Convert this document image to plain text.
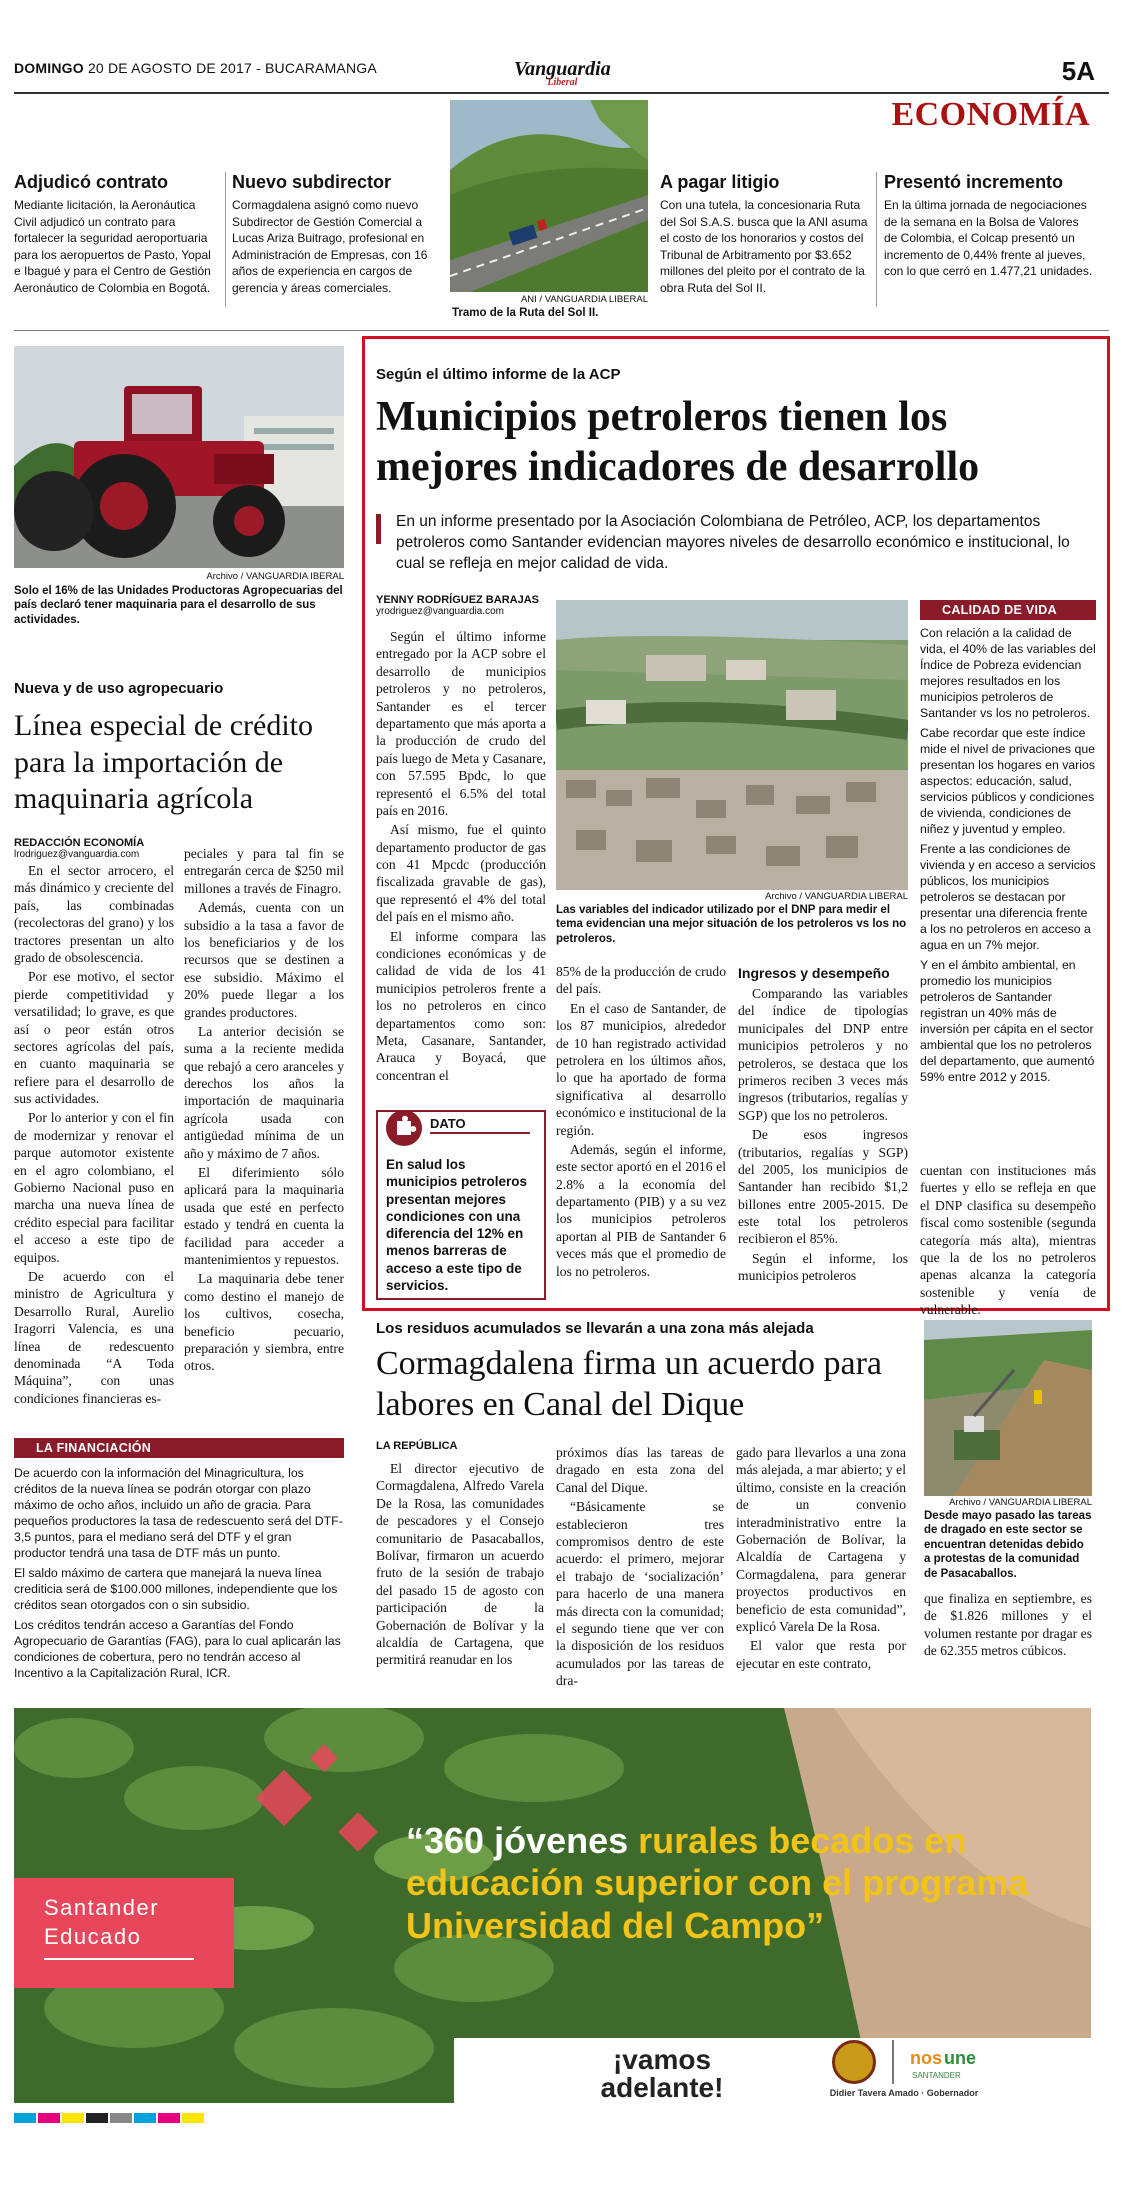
DOMINGO 20 DE AGOSTO DE 2017 - BUCARAMANGA	Vanguardia
Liberal	5A
ECONOMÍA
Adjudicó contrato

Mediante licitación, la Aeronáutica Civil adjudicó un contrato para fortalecer la seguridad aeroportuaria para los aeropuertos de Pasto, Yopal e Ibagué y para el Centro de Gestión Aeronáutico de Colombia en Bogotá.

Nuevo subdirector

Cormagdalena asignó como nuevo Subdirector de Gestión Comercial a Lucas Ariza Buitrago, profesional en Administración de Empresas, con 16 años de experiencia en cargos de gerencia y áreas comerciales.

ANI / VANGUARDIA LIBERAL
Tramo de la Ruta del Sol II.
A pagar litigio

Con una tutela, la concesionaria Ruta del Sol S.A.S. busca que la ANI asuma el costo de los honorarios y costos del Tribunal de Arbitramento por $3.652 millones del pleito por el contrato de la obra Ruta del Sol II.

Presentó incremento

En la última jornada de negociaciones de la semana en la Bolsa de Valores de Colombia, el Colcap presentó un incremento de 0,44% frente al jueves, con lo que cerró en 1.477,21 unidades.

Archivo / VANGUARDIA IBERAL
Solo el 16% de las Unidades Productoras Agropecuarias del país declaró tener maquinaria para el desarrollo de sus actividades.
Nueva y de uso agropecuario
Línea especial de crédito para la importación de maquinaria agrícola
REDACCIÓN ECONOMÍA
lrodriguez@vanguardia.com

En el sector arrocero, el más dinámico y creciente del país, las combinadas (recolectoras del grano) y los tractores presentan un alto grado de obsolescencia.

Por ese motivo, el sector pierde competitividad y versatilidad; lo grave, es que así o peor están otros sectores agrícolas del país, en cuanto maquinaria se refiere para el desarrollo de sus actividades.

Por lo anterior y con el fin de modernizar y renovar el parque automotor existente en el agro colombiano, el Gobierno Nacional puso en marcha una nueva línea de crédito especial para facilitar el acceso a este tipo de equipos.

De acuerdo con el ministro de Agricultura y Desarrollo Rural, Aurelio Iragorri Valencia, es una línea de redescuento denominada “A Toda Máquina”, con unas condiciones financieras es-

peciales y para tal fin se entregarán cerca de $250 mil millones a través de Finagro.

Además, cuenta con un subsidio a la tasa a favor de los beneficiarios y de los recursos que se destinen a ese subsidio. Máximo el 20% puede llegar a los grandes productores.

La anterior decisión se suma a la reciente medida que rebajó a cero aranceles y derechos los años la importación de maquinaria agrícola usada con antigüedad mínima de un año y máximo de 7 años.

El diferimiento sólo aplicará para la maquinaria usada que esté en perfecto estado y tendrá en cuenta la facilidad para acceder a mantenimientos y repuestos.

La maquinaria debe tener como destino el manejo de los cultivos, cosecha, beneficio pecuario, preparación y siembra, entre otros.

LA FINANCIACIÓN

De acuerdo con la información del Minagricultura, los créditos de la nueva línea se podrán otorgar con plazo máximo de ocho años, incluido un año de gracia. Para pequeños productores la tasa de redescuento será del DTF-3,5 puntos, para el mediano será del DTF y el gran productor tendrá una tasa de DTF más un punto.

El saldo máximo de cartera que manejará la nueva línea crediticia será de $100.000 millones, independiente que los créditos sean otorgados con o sin subsidio.

Los créditos tendrán acceso a Garantías del Fondo Agropecuario de Garantías (FAG), para lo cual aplicarán las condiciones de cobertura, pero no tendrán acceso al Incentivo a la Capitalización Rural, ICR.

Según el último informe de la ACP
Municipios petroleros tienen los mejores indicadores de desarrollo
En un informe presentado por la Asociación Colombiana de Petróleo, ACP, los departamentos petroleros como Santander evidencian mayores niveles de desarrollo económico e institucional, lo cual se refleja en mejor calidad de vida.
YENNY RODRÍGUEZ BARAJAS
yrodriguez@vanguardia.com

Según el último informe entregado por la ACP sobre el desarrollo de municipios petroleros y no petroleros, Santander es el tercer departamento que más aporta a la producción de crudo del país luego de Meta y Casanare, con 57.595 Bpdc, lo que representó el 6.5% del total país en 2016.

Así mismo, fue el quinto departamento productor de gas con 41 Mpcdc (producción fiscalizada gravable de gas), que representó el 4% del total del país en el mismo año.

El informe compara las condiciones económicas y de calidad de vida de los 41 municipios petroleros frente a los no petroleros en cinco departamentos como son: Meta, Casanare, Santander, Arauca y Boyacá, que concentran el

DATO
En salud los municipios petroleros presentan mejores condiciones con una diferencia del 12% en menos barreras de acceso a este tipo de servicios.
Archivo / VANGUARDIA LIBERAL
Las variables del indicador utilizado por el DNP para medir el tema evidencian una mejor situación de los petroleros vs los no petroleros.

85% de la producción de crudo del país.

En el caso de Santander, de los 87 municipios, alrededor de 10 han registrado actividad petrolera en los últimos años, lo que ha aportado de forma significativa al desarrollo económico e institucional de la región.

Además, según el informe, este sector aportó en el 2016 el 2.8% a la economía del departamento (PIB) y a su vez los municipios petroleros aportan al PIB de Santander 6 veces más que el promedio de los no petroleros.

Ingresos y desempeño

Comparando las variables del índice de tipologías municipales del DNP entre municipios petroleros y no petroleros, se destaca que los primeros reciben 3 veces más ingresos (tributarios, regalías y SGP) que los no petroleros.

De esos ingresos (tributarios, regalías y SGP) del 2005, los municipios de Santander han recibido $1,2 billones entre 2005-2015. De este total los petroleros recibieron el 85%.

Según el informe, los municipios petroleros

CALIDAD DE VIDA

Con relación a la calidad de vida, el 40% de las variables del Índice de Pobreza evidencian mejores resultados en los municipios petroleros de Santander vs los no petroleros.

Cabe recordar que este índice mide el nivel de privaciones que presentan los hogares en varios aspectos: educación, salud, servicios públicos y condiciones de vivienda, condiciones de niñez y juventud y empleo.

Frente a las condiciones de vivienda y en acceso a servicios públicos, los municipios petroleros se destacan por presentar una diferencia frente a los no petroleros en acceso a agua en un 7% mejor.

Y en el ámbito ambiental, en promedio los municipios petroleros de Santander registran un 40% más de inversión per cápita en el sector ambiental que los no petroleros del departamento, que aumentó 59% entre 2012 y 2015.

cuentan con instituciones más fuertes y ello se refleja en que el DNP clasifica su desempeño fiscal como sostenible (segunda categoría más alta), mientras que la de los no petroleros apenas alcanza la categoría sostenible y venía de vulnerable.

Los residuos acumulados se llevarán a una zona más alejada
Cormagdalena firma un acuerdo para labores en Canal del Dique
LA REPÚBLICA

El director ejecutivo de Cormagdalena, Alfredo Varela De la Rosa, las comunidades de pescadores y el Consejo comunitario de Pasacaballos, Bolívar, firmaron un acuerdo fruto de la sesión de trabajo del pasado 15 de agosto con participación de la Gobernación de Bolívar y la alcaldía de Cartagena, que permitirá reanudar en los

próximos días las tareas de dragado en esta zona del Canal del Dique.

“Básicamente se establecieron tres compromisos dentro de este acuerdo: el primero, mejorar el trabajo de ‘socialización’ para hacerlo de una manera más directa con la comunidad; el segundo tiene que ver con la disposición de los residuos acumulados por las tareas de dra-

gado para llevarlos a una zona más alejada, a mar abierto; y el último, consiste en la creación de un convenio interadministrativo entre la Gobernación de Bolívar, la Alcaldía de Cartagena y Cormagdalena, para generar proyectos productivos en beneficio de esta comunidad”, explicó Varela De la Rosa.

El valor que resta por ejecutar en este contrato,

Archivo / VANGUARDIA LIBERAL
Desde mayo pasado las tareas de dragado en este sector se encuentran detenidas debido a protestas de la comunidad de Pasacaballos.

que finaliza en septiembre, es de $1.826 millones y el volumen restante por dragar es de 62.355 metros cúbicos.

Santander Educado
“360 jóvenes rurales becados en educación superior con el programa Universidad del Campo”
¡vamos adelante!
nos une
SANTANDER
Didier Tavera Amado · Gobernador
